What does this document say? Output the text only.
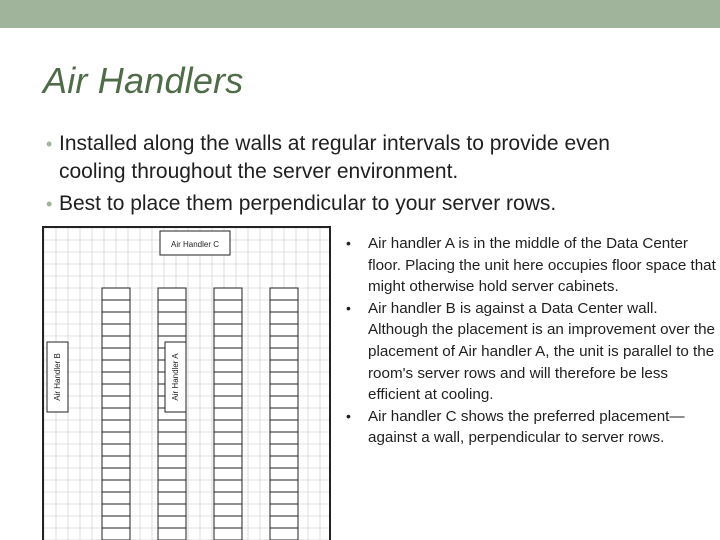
Air Handlers
• Installed along the walls at regular intervals to provide even cooling throughout the server environment.
• Best to place them perpendicular to your server rows.
Air Handler C
Air Handler A
Air Handler B
• Air handler A is in the middle of the Data Center floor. Placing the unit here occupies floor space that might otherwise hold server cabinets.
• Air handler B is against a Data Center wall. Although the placement is an improvement over the placement of Air handler A, the unit is parallel to the room's server rows and will therefore be less efficient at cooling.
• Air handler C shows the preferred placement—against a wall, perpendicular to server rows.
